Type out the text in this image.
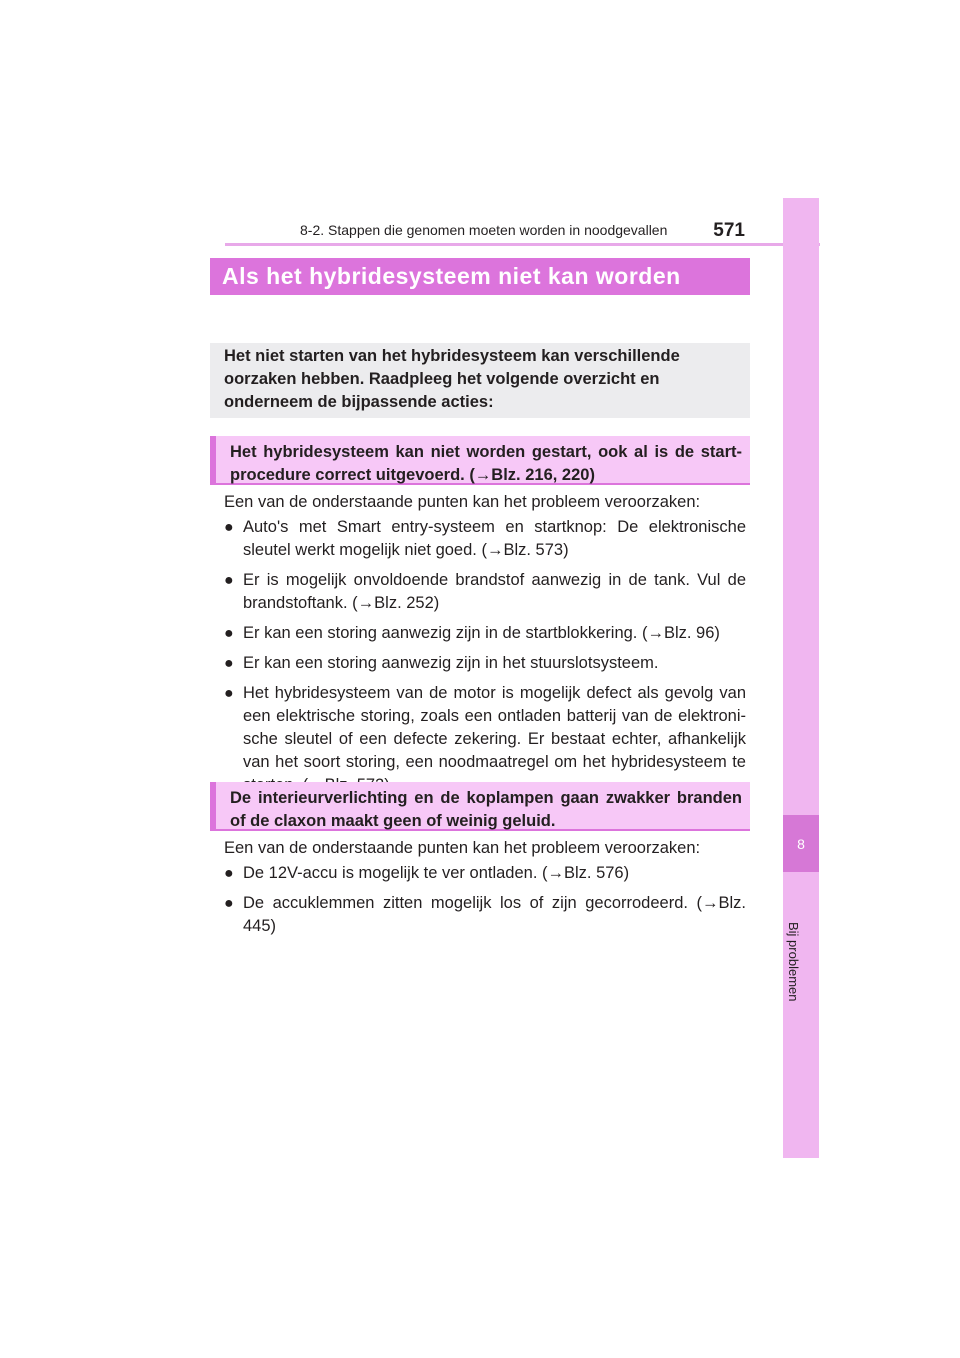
8-2. Stappen die genomen moeten worden in noodgevallen 571
8
Bij problemen
Als het hybridesysteem niet kan worden
Het niet starten van het hybridesysteem kan verschillende oorzaken hebben. Raadpleeg het volgende overzicht en onderneem de bijpassende acties:
Het hybridesysteem kan niet worden gestart, ook al is de start-procedure correct uitgevoerd. (→Blz. 216, 220)
Een van de onderstaande punten kan het probleem veroorzaken:
● Auto's met Smart entry-systeem en startknop: De elektronische sleutel werkt mogelijk niet goed. (→Blz. 573)
● Er is mogelijk onvoldoende brandstof aanwezig in de tank. Vul de brandstoftank. (→Blz. 252)
● Er kan een storing aanwezig zijn in de startblokkering. (→Blz. 96)
● Er kan een storing aanwezig zijn in het stuurslotsysteem.
● Het hybridesysteem van de motor is mogelijk defect als gevolg van een elektrische storing, zoals een ontladen batterij van de elektroni-sche sleutel of een defecte zekering. Er bestaat echter, afhankelijk van het soort storing, een noodmaatregel om het hybridesysteem te
De interieurverlichting en de koplampen gaan zwakker branden of de claxon maakt geen of weinig geluid.
Een van de onderstaande punten kan het probleem veroorzaken:
● De 12V-accu is mogelijk te ver ontladen. (→Blz. 576)
● De accuklemmen zitten mogelijk los of zijn gecorrodeerd. (→Blz. 445)
